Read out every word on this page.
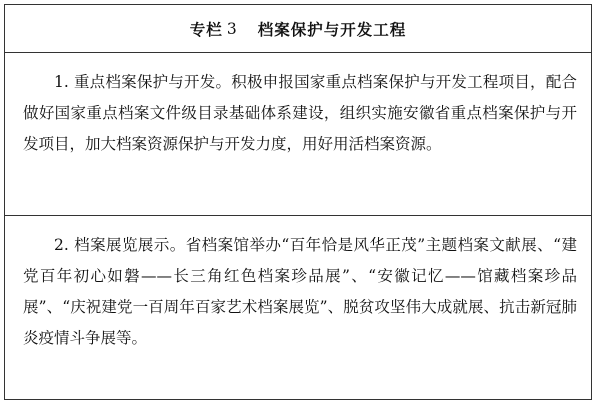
专栏 3 档案保护与开发工程

1. 重点档案保护与开发。积极申报国家重点档案保护与开发工程项目，配合做好国家重点档案文件级目录基础体系建设，组织实施安徽省重点档案保护与开发项目，加大档案资源保护与开发力度，用好用活档案资源。

2. 档案展览展示。省档案馆举办“百年恰是风华正茂”主题档案文献展、“建党百年初心如磐——长三角红色档案珍品展”、“安徽记忆——馆藏档案珍品展”、“庆祝建党一百周年百家艺术档案展览”、脱贫攻坚伟大成就展、抗击新冠肺炎疫情斗争展等。
